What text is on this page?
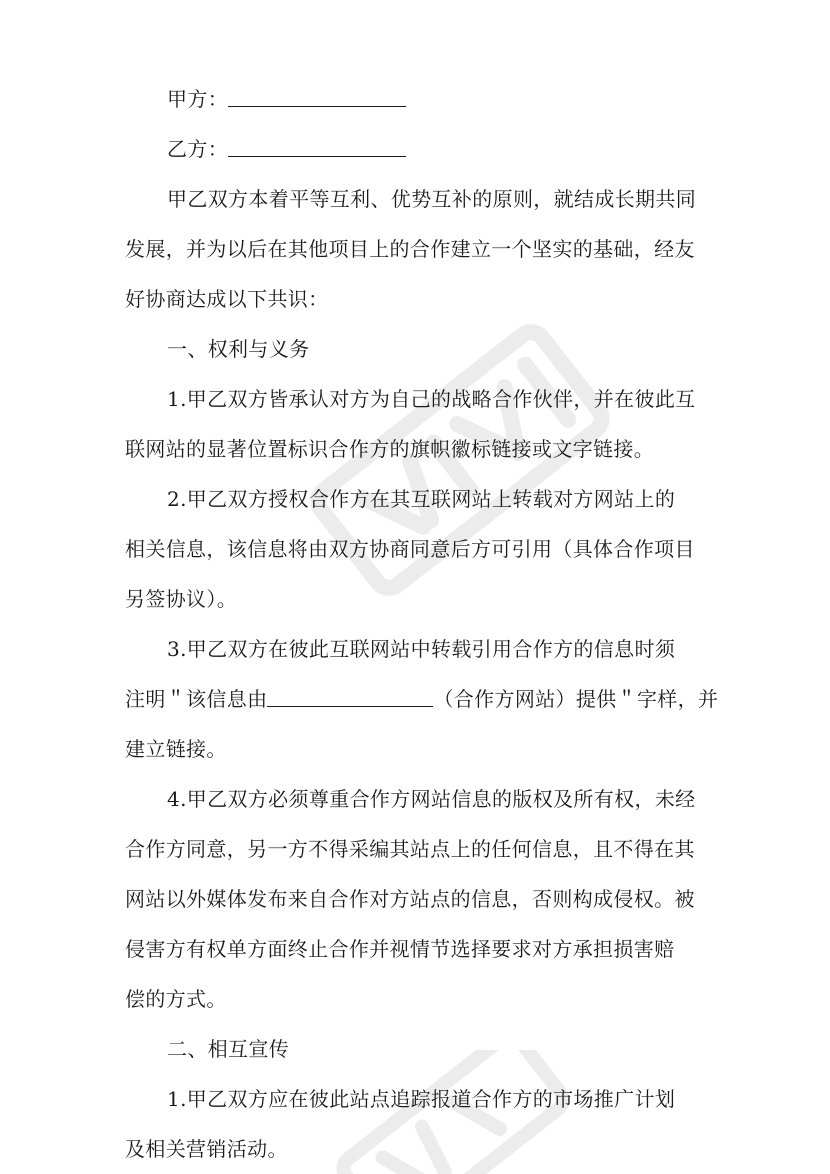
甲方：
乙方：
甲乙双方本着平等互利、优势互补的原则，就结成长期共同
发展，并为以后在其他项目上的合作建立一个坚实的基础，经友
好协商达成以下共识：
一、权利与义务
1.甲乙双方皆承认对方为自己的战略合作伙伴，并在彼此互
联网站的显著位置标识合作方的旗帜徽标链接或文字链接。
2.甲乙双方授权合作方在其互联网站上转载对方网站上的
相关信息，该信息将由双方协商同意后方可引用（具体合作项目
另签协议）。
3.甲乙双方在彼此互联网站中转载引用合作方的信息时须
注明＂该信息由	（合作方网站）提供＂字样，并
建立链接。
4.甲乙双方必须尊重合作方网站信息的版权及所有权，未经
合作方同意，另一方不得采编其站点上的任何信息，且不得在其
网站以外媒体发布来自合作对方站点的信息，否则构成侵权。被
侵害方有权单方面终止合作并视情节选择要求对方承担损害赔
偿的方式。
二、相互宣传
1.甲乙双方应在彼此站点追踪报道合作方的市场推广计划
及相关营销活动。
